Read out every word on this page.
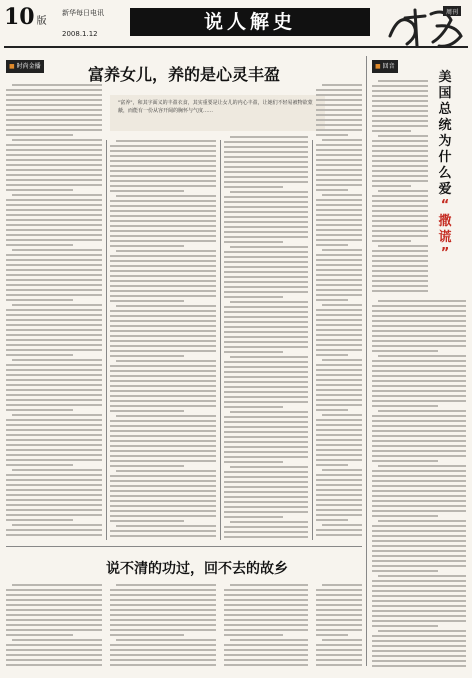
10 版
新华每日电讯
2008.1.12
说人解史	周刊
■ 时尚金播	富养女儿，养的是心灵丰盈
"富养"，和其字面义的丰盈衣食，其实重要是让女儿的内心丰盈，让她们不轻易被物欲蒙蔽，而能有一份从容开阔的胸怀与气度……
■ 回音
美
国
总
统
为
什
么
爱
“
撒
谎
”
说不清的功过，回不去的故乡
